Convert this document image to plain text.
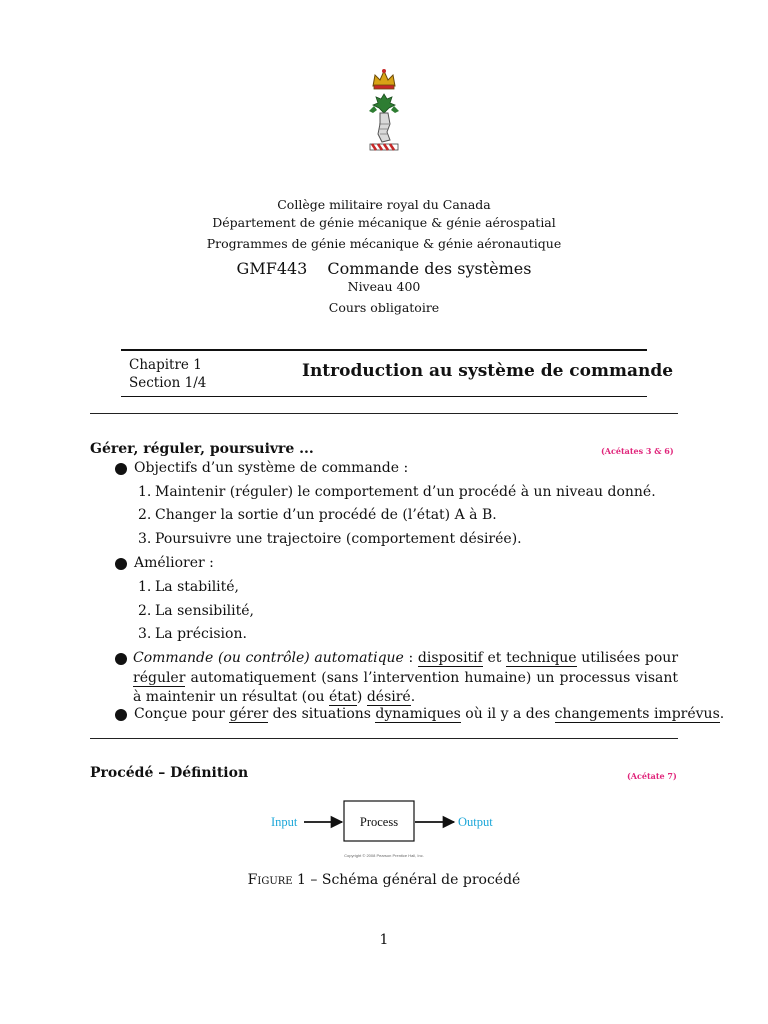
Collège militaire royal du Canada
Département de génie mécanique & génie aérospatial
Programmes de génie mécanique & génie aéronautique
GMF443 Commande des systèmes
Niveau 400
Cours obligatoire
Chapitre 1
Section 1/4
Introduction au système de commande
Gérer, réguler, poursuivre ...	(Acétates 3 & 6)
Objectifs d’un système de commande :
1. Maintenir (réguler) le comportement d’un procédé à un niveau donné.
2. Changer la sortie d’un procédé de (l’état) A à B.
3. Poursuivre une trajectoire (comportement désirée).
Améliorer :
1. La stabilité,
2. La sensibilité,
3. La précision.
Commande (ou contrôle) automatique : dispositif et technique utilisées pour réguler automatiquement (sans l’intervention humaine) un processus visant à maintenir un résultat (ou état) désiré.
Conçue pour gérer des situations dynamiques où il y a des changements imprévus.
Procédé – Définition	(Acétate 7)
Input	Process	Output
Copyright © 2008 Pearson Prentice Hall, Inc.
Figure 1 – Schéma général de procédé
1
